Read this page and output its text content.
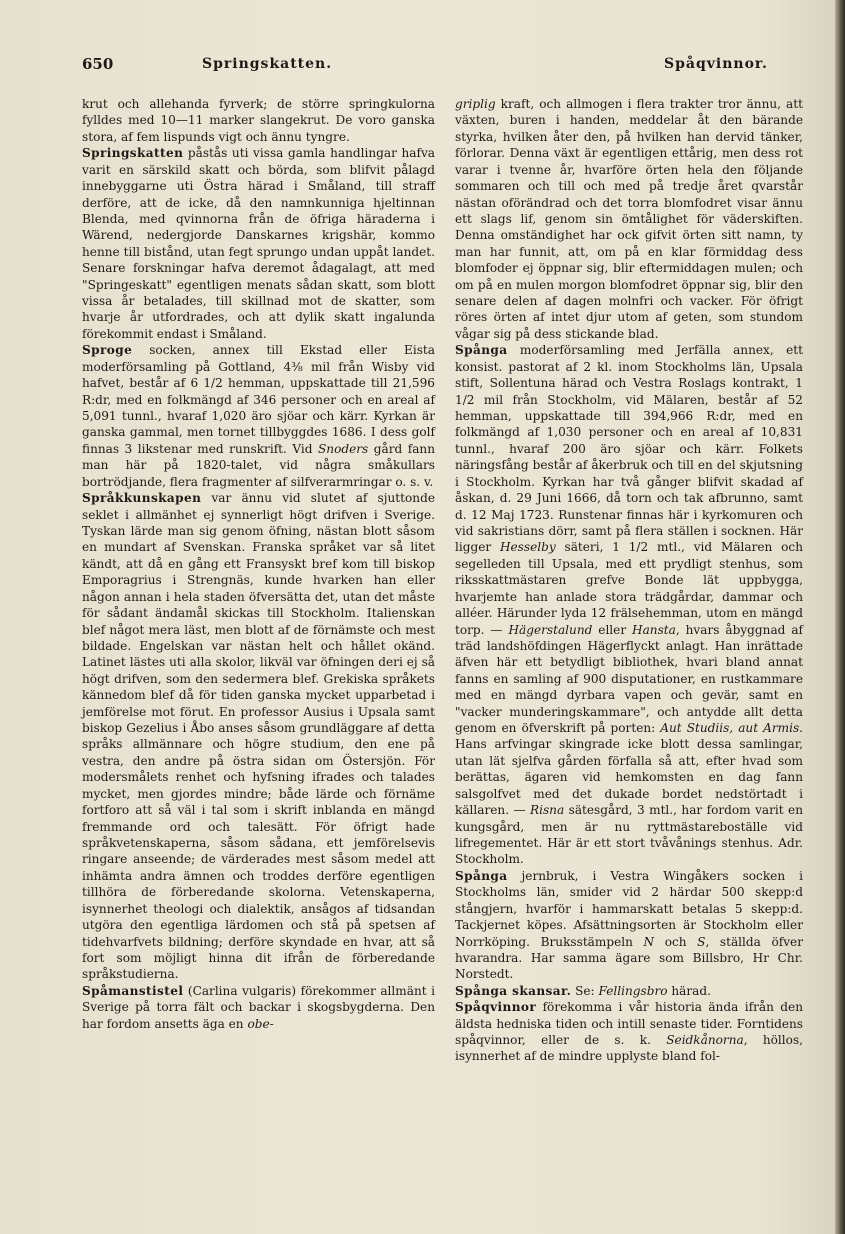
650	Springskatten.	Spåqvinnor.

krut och allehanda fyrverk; de större springkulorna fylldes med 10—11 marker slangekrut. De voro ganska stora, af fem lispunds vigt och ännu tyngre.

Springskatten påstås uti vissa gamla handlingar hafva varit en särskild skatt och börda, som blifvit pålagd innebyggarne uti Östra härad i Småland, till straff derföre, att de icke, då den namnkunniga hjeltinnan Blenda, med qvinnorna från de öfriga häraderna i Wärend, nedergjorde Danskarnes krigshär, kommo henne till bistånd, utan fegt sprungo undan uppåt landet. Senare forskningar hafva deremot ådagalagt, att med "Springeskatt" egentligen menats sådan skatt, som blott vissa år betalades, till skillnad mot de skatter, som hvarje år utfordrades, och att dylik skatt ingalunda förekommit endast i Småland.

Sproge socken, annex till Ekstad eller Eista moderförsamling på Gottland, 4⅜ mil från Wisby vid hafvet, består af 6 1/2 hemman, uppskattade till 21,596 R:dr, med en folkmängd af 346 personer och en areal af 5,091 tunnl., hvaraf 1,020 äro sjöar och kärr. Kyrkan är ganska gammal, men tornet tillbyggdes 1686. I dess golf finnas 3 likstenar med runskrift. Vid Snoders gård fann man här på 1820-talet, vid några småkullars bortrödjande, flera fragmenter af silfverarmringar o. s. v.

Språkkunskapen var ännu vid slutet af sjuttonde seklet i allmänhet ej synnerligt högt drifven i Sverige. Tyskan lärde man sig genom öfning, nästan blott såsom en mundart af Svenskan. Franska språket var så litet kändt, att då en gång ett Fransyskt bref kom till biskop Emporagrius i Strengnäs, kunde hvarken han eller någon annan i hela staden öfversätta det, utan det måste för sådant ändamål skickas till Stockholm. Italienskan blef något mera läst, men blott af de förnämste och mest bildade. Engelskan var nästan helt och hållet okänd. Latinet lästes uti alla skolor, likväl var öfningen deri ej så högt drifven, som den sedermera blef. Grekiska språkets kännedom blef då för tiden ganska mycket upparbetad i jemförelse mot förut. En professor Ausius i Upsala samt biskop Gezelius i Åbo anses såsom grundläggare af detta språks allmännare och högre studium, den ene på vestra, den andre på östra sidan om Östersjön. För modersmålets renhet och hyfsning ifrades och talades mycket, men gjordes mindre; både lärde och förnäme fortforo att så väl i tal som i skrift inblanda en mängd fremmande ord och talesätt. För öfrigt hade språkvetenskaperna, såsom sådana, ett jemförelsevis ringare anseende; de värderades mest såsom medel att inhämta andra ämnen och troddes derföre egentligen tillhöra de förberedande skolorna. Vetenskaperna, isynnerhet theologi och dialektik, ansågos af tidsandan utgöra den egentliga lärdomen och stå på spetsen af tidehvarfvets bildning; derföre skyndade en hvar, att så fort som möjligt hinna dit ifrån de förberedande språkstudierna.

Spåmanstistel (Carlina vulgaris) förekommer allmänt i Sverige på torra fält och backar i skogsbygderna. Den har fordom ansetts äga en obe-

griplig kraft, och allmogen i flera trakter tror ännu, att växten, buren i handen, meddelar åt den bärande styrka, hvilken åter den, på hvilken han dervid tänker, förlorar. Denna växt är egentligen ettårig, men dess rot varar i tvenne år, hvarföre örten hela den följande sommaren och till och med på tredje året qvarstår nästan oförändrad och det torra blomfodret visar ännu ett slags lif, genom sin ömtålighet för väderskiften. Denna omständighet har ock gifvit örten sitt namn, ty man har funnit, att, om på en klar förmiddag dess blomfoder ej öppnar sig, blir eftermiddagen mulen; och om på en mulen morgon blomfodret öppnar sig, blir den senare delen af dagen molnfri och vacker. För öfrigt röres örten af intet djur utom af geten, som stundom vågar sig på dess stickande blad.

Spånga moderförsamling med Jerfälla annex, ett konsist. pastorat af 2 kl. inom Stockholms län, Upsala stift, Sollentuna härad och Vestra Roslags kontrakt, 1 1/2 mil från Stockholm, vid Mälaren, består af 52 hemman, uppskattade till 394,966 R:dr, med en folkmängd af 1,030 personer och en areal af 10,831 tunnl., hvaraf 200 äro sjöar och kärr. Folkets näringsfång består af åkerbruk och till en del skjutsning i Stockholm. Kyrkan har två gånger blifvit skadad af åskan, d. 29 Juni 1666, då torn och tak afbrunno, samt d. 12 Maj 1723. Runstenar finnas här i kyrkomuren och vid sakristians dörr, samt på flera ställen i socknen. Här ligger Hesselby säteri, 1 1/2 mtl., vid Mälaren och segelleden till Upsala, med ett prydligt stenhus, som riksskattmästaren grefve Bonde lät uppbygga, hvarjemte han anlade stora trädgårdar, dammar och alléer. Härunder lyda 12 frälsehemman, utom en mängd torp. — Hägerstalund eller Hansta, hvars åbyggnad af träd landshöfdingen Hägerflyckt anlagt. Han inrättade äfven här ett betydligt bibliothek, hvari bland annat fanns en samling af 900 disputationer, en rustkammare med en mängd dyrbara vapen och gevär, samt en "vacker munderingskammare", och antydde allt detta genom en öfverskrift på porten: Aut Studiis, aut Armis. Hans arfvingar skingrade icke blott dessa samlingar, utan lät sjelfva gården förfalla så att, efter hvad som berättas, ägaren vid hemkomsten en dag fann salsgolfvet med det dukade bordet nedstörtadt i källaren. — Risna sätesgård, 3 mtl., har fordom varit en kungsgård, men är nu ryttmästareboställe vid lifregementet. Här är ett stort tvåvånings stenhus. Adr. Stockholm.

Spånga jernbruk, i Vestra Wingåkers socken i Stockholms län, smider vid 2 härdar 500 skepp:d stångjern, hvarför i hammarskatt betalas 5 skepp:d. Tackjernet köpes. Afsättningsorten är Stockholm eller Norrköping. Bruksstämpeln N och S, ställda öfver hvarandra. Har samma ägare som Billsbro, Hr Chr. Norstedt.

Spånga skansar. Se: Fellingsbro härad.

Spåqvinnor förekomma i vår historia ända ifrån den äldsta hedniska tiden och intill senaste tider. Forntidens spåqvinnor, eller de s. k. Seidkånorna, höllos, isynnerhet af de mindre upplyste bland fol-
